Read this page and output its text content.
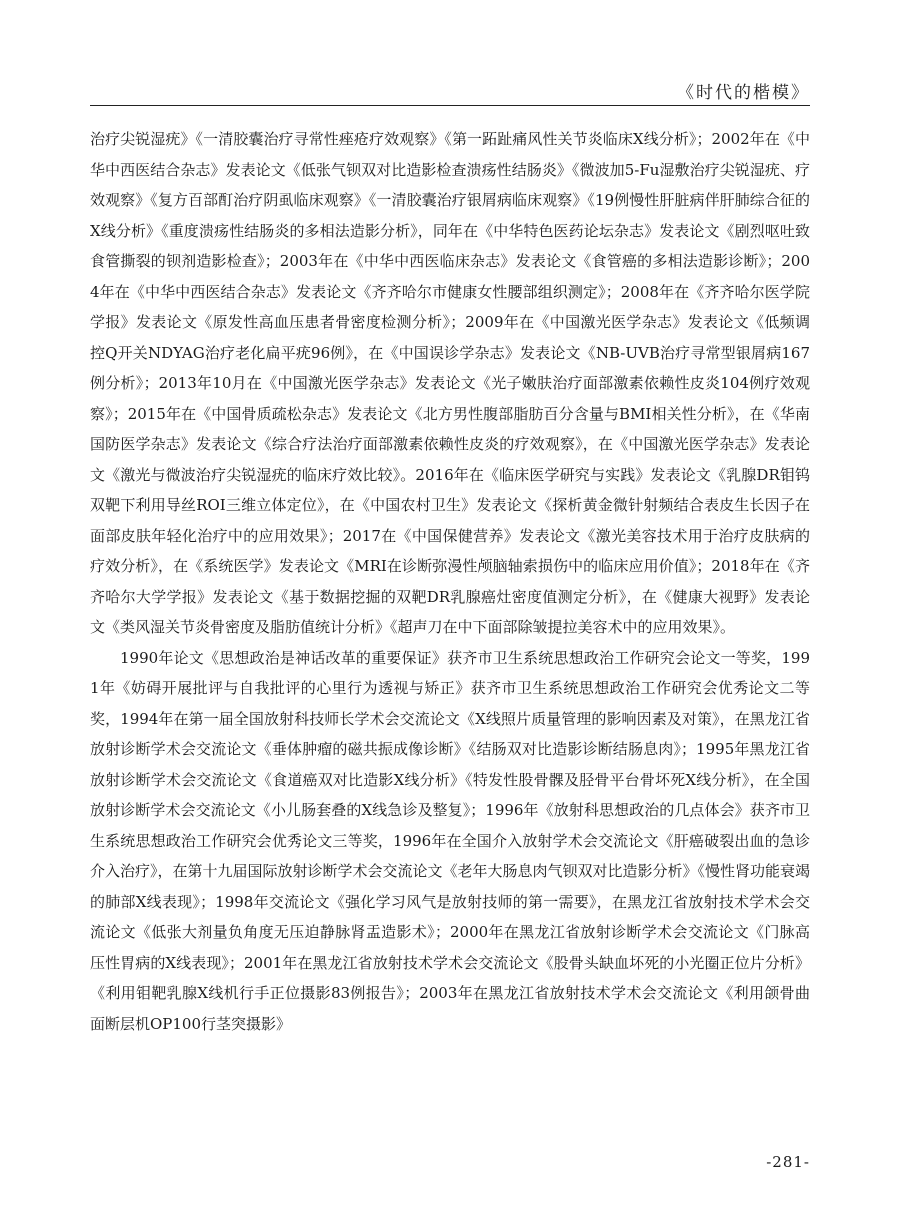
《时代的楷模》

治疗尖锐湿疣》《一清胶囊治疗寻常性痤疮疗效观察》《第一跖趾痛风性关节炎临床X线分析》；2002年在《中华中西医结合杂志》发表论文《低张气钡双对比造影检查溃疡性结肠炎》《微波加5-Fu湿敷治疗尖锐湿疣、疗效观察》《复方百部酊治疗阴虱临床观察》《一清胶囊治疗银屑病临床观察》《19例慢性肝脏病伴肝肺综合征的X线分析》《重度溃疡性结肠炎的多相法造影分析》，同年在《中华特色医药论坛杂志》发表论文《剧烈呕吐致食管撕裂的钡剂造影检查》；2003年在《中华中西医临床杂志》发表论文《食管癌的多相法造影诊断》；2004年在《中华中西医结合杂志》发表论文《齐齐哈尔市健康女性腰部组织测定》；2008年在《齐齐哈尔医学院学报》发表论文《原发性高血压患者骨密度检测分析》；2009年在《中国激光医学杂志》发表论文《低频调控Q开关NDYAG治疗老化扁平疣96例》，在《中国误诊学杂志》发表论文《NB-UVB治疗寻常型银屑病167例分析》；2013年10月在《中国激光医学杂志》发表论文《光子嫩肤治疗面部激素依赖性皮炎104例疗效观察》；2015年在《中国骨质疏松杂志》发表论文《北方男性腹部脂肪百分含量与BMI相关性分析》，在《华南国防医学杂志》发表论文《综合疗法治疗面部激素依赖性皮炎的疗效观察》，在《中国激光医学杂志》发表论文《激光与微波治疗尖锐湿疣的临床疗效比较》。2016年在《临床医学研究与实践》发表论文《乳腺DR钼钨双靶下利用导丝ROI三维立体定位》，在《中国农村卫生》发表论文《探析黄金微针射频结合表皮生长因子在面部皮肤年轻化治疗中的应用效果》；2017在《中国保健营养》发表论文《激光美容技术用于治疗皮肤病的疗效分析》，在《系统医学》发表论文《MRI在诊断弥漫性颅脑轴索损伤中的临床应用价值》；2018年在《齐齐哈尔大学学报》发表论文《基于数据挖掘的双靶DR乳腺癌灶密度值测定分析》，在《健康大视野》发表论文《类风湿关节炎骨密度及脂肪值统计分析》《超声刀在中下面部除皱提拉美容术中的应用效果》。

1990年论文《思想政治是神话改革的重要保证》获齐市卫生系统思想政治工作研究会论文一等奖，1991年《妨碍开展批评与自我批评的心里行为透视与矫正》获齐市卫生系统思想政治工作研究会优秀论文二等奖，1994年在第一届全国放射科技师长学术会交流论文《X线照片质量管理的影响因素及对策》，在黑龙江省放射诊断学术会交流论文《垂体肿瘤的磁共振成像诊断》《结肠双对比造影诊断结肠息肉》；1995年黑龙江省放射诊断学术会交流论文《食道癌双对比造影X线分析》《特发性股骨髁及胫骨平台骨坏死X线分析》，在全国放射诊断学术会交流论文《小儿肠套叠的X线急诊及整复》；1996年《放射科思想政治的几点体会》获齐市卫生系统思想政治工作研究会优秀论文三等奖，1996年在全国介入放射学术会交流论文《肝癌破裂出血的急诊介入治疗》，在第十九届国际放射诊断学术会交流论文《老年大肠息肉气钡双对比造影分析》《慢性肾功能衰竭的肺部X线表现》；1998年交流论文《强化学习风气是放射技师的第一需要》，在黑龙江省放射技术学术会交流论文《低张大剂量负角度无压迫静脉肾盂造影术》；2000年在黑龙江省放射诊断学术会交流论文《门脉高压性胃病的X线表现》；2001年在黑龙江省放射技术学术会交流论文《股骨头缺血坏死的小光圈正位片分析》《利用钼靶乳腺X线机行手正位摄影83例报告》；2003年在黑龙江省放射技术学术会交流论文《利用颌骨曲面断层机OP100行茎突摄影》

-281-
